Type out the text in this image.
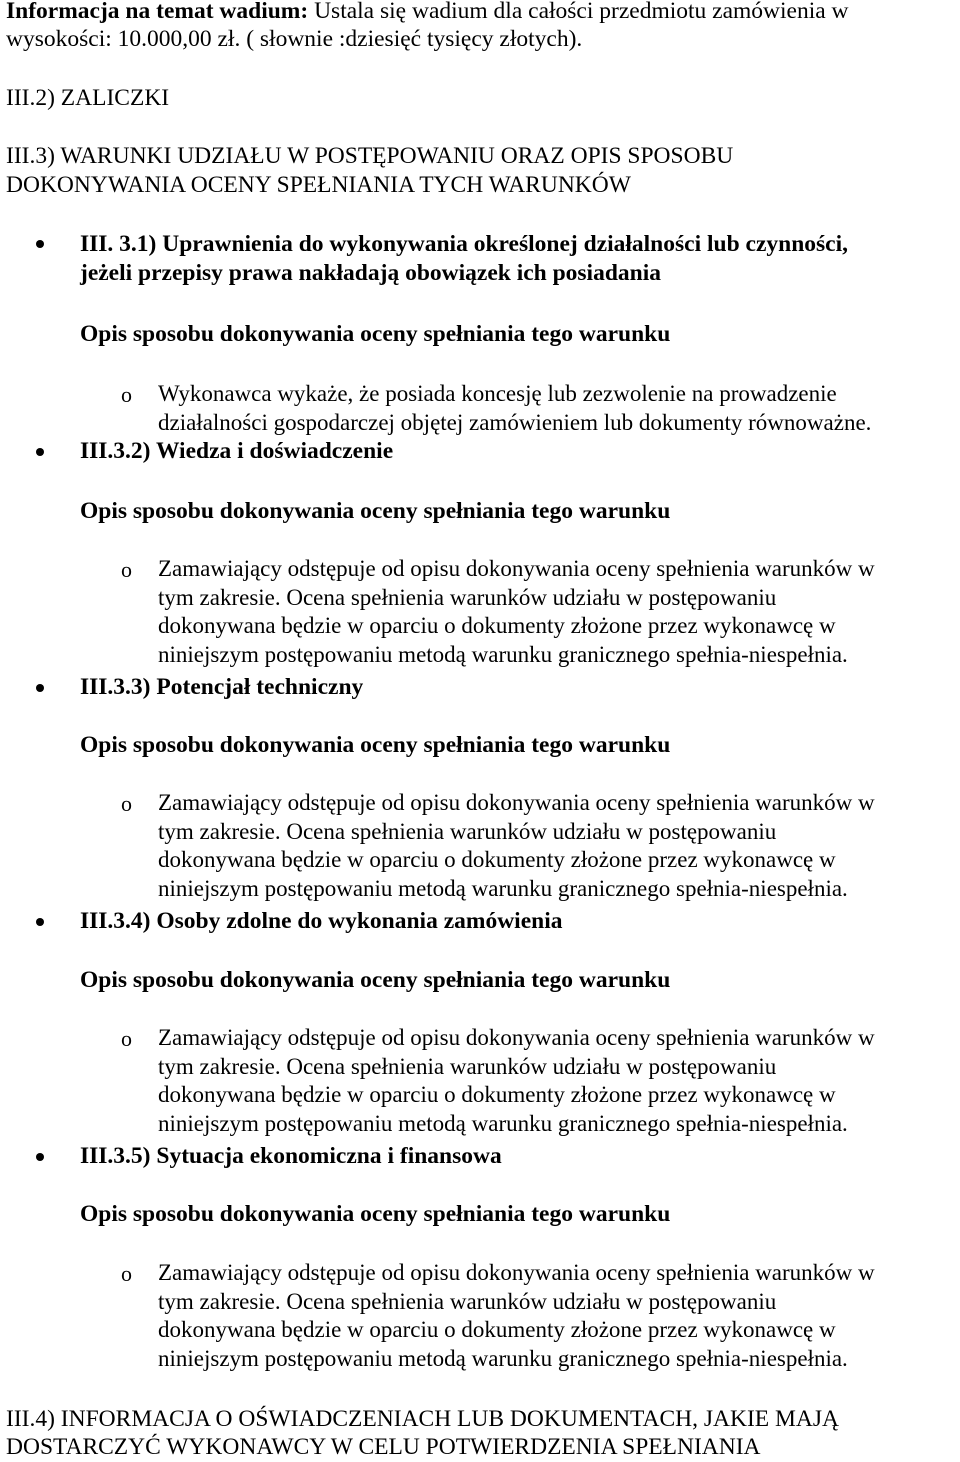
Informacja na temat wadium: Ustala się wadium dla całości przedmiotu zamówienia w
wysokości: 10.000,00 zł. ( słownie :dziesięć tysięcy złotych).
III.2) ZALICZKI
III.3) WARUNKI UDZIAŁU W POSTĘPOWANIU ORAZ OPIS SPOSOBU
DOKONYWANIA OCENY SPEŁNIANIA TYCH WARUNKÓW
III. 3.1) Uprawnienia do wykonywania określonej działalności lub czynności,
jeżeli przepisy prawa nakładają obowiązek ich posiadania
Opis sposobu dokonywania oceny spełniania tego warunku
o Wykonawca wykaże, że posiada koncesję lub zezwolenie na prowadzenie
działalności gospodarczej objętej zamówieniem lub dokumenty równoważne.
III.3.2) Wiedza i doświadczenie
Opis sposobu dokonywania oceny spełniania tego warunku
o Zamawiający odstępuje od opisu dokonywania oceny spełnienia warunków w
tym zakresie. Ocena spełnienia warunków udziału w postępowaniu
dokonywana będzie w oparciu o dokumenty złożone przez wykonawcę w
niniejszym postępowaniu metodą warunku granicznego spełnia-niespełnia.
III.3.3) Potencjał techniczny
Opis sposobu dokonywania oceny spełniania tego warunku
o Zamawiający odstępuje od opisu dokonywania oceny spełnienia warunków w
tym zakresie. Ocena spełnienia warunków udziału w postępowaniu
dokonywana będzie w oparciu o dokumenty złożone przez wykonawcę w
niniejszym postępowaniu metodą warunku granicznego spełnia-niespełnia.
III.3.4) Osoby zdolne do wykonania zamówienia
Opis sposobu dokonywania oceny spełniania tego warunku
o Zamawiający odstępuje od opisu dokonywania oceny spełnienia warunków w
tym zakresie. Ocena spełnienia warunków udziału w postępowaniu
dokonywana będzie w oparciu o dokumenty złożone przez wykonawcę w
niniejszym postępowaniu metodą warunku granicznego spełnia-niespełnia.
III.3.5) Sytuacja ekonomiczna i finansowa
Opis sposobu dokonywania oceny spełniania tego warunku
o Zamawiający odstępuje od opisu dokonywania oceny spełnienia warunków w
tym zakresie. Ocena spełnienia warunków udziału w postępowaniu
dokonywana będzie w oparciu o dokumenty złożone przez wykonawcę w
niniejszym postępowaniu metodą warunku granicznego spełnia-niespełnia.
III.4) INFORMACJA O OŚWIADCZENIACH LUB DOKUMENTACH, JAKIE MAJĄ
DOSTARCZYĆ WYKONAWCY W CELU POTWIERDZENIA SPEŁNIANIA
